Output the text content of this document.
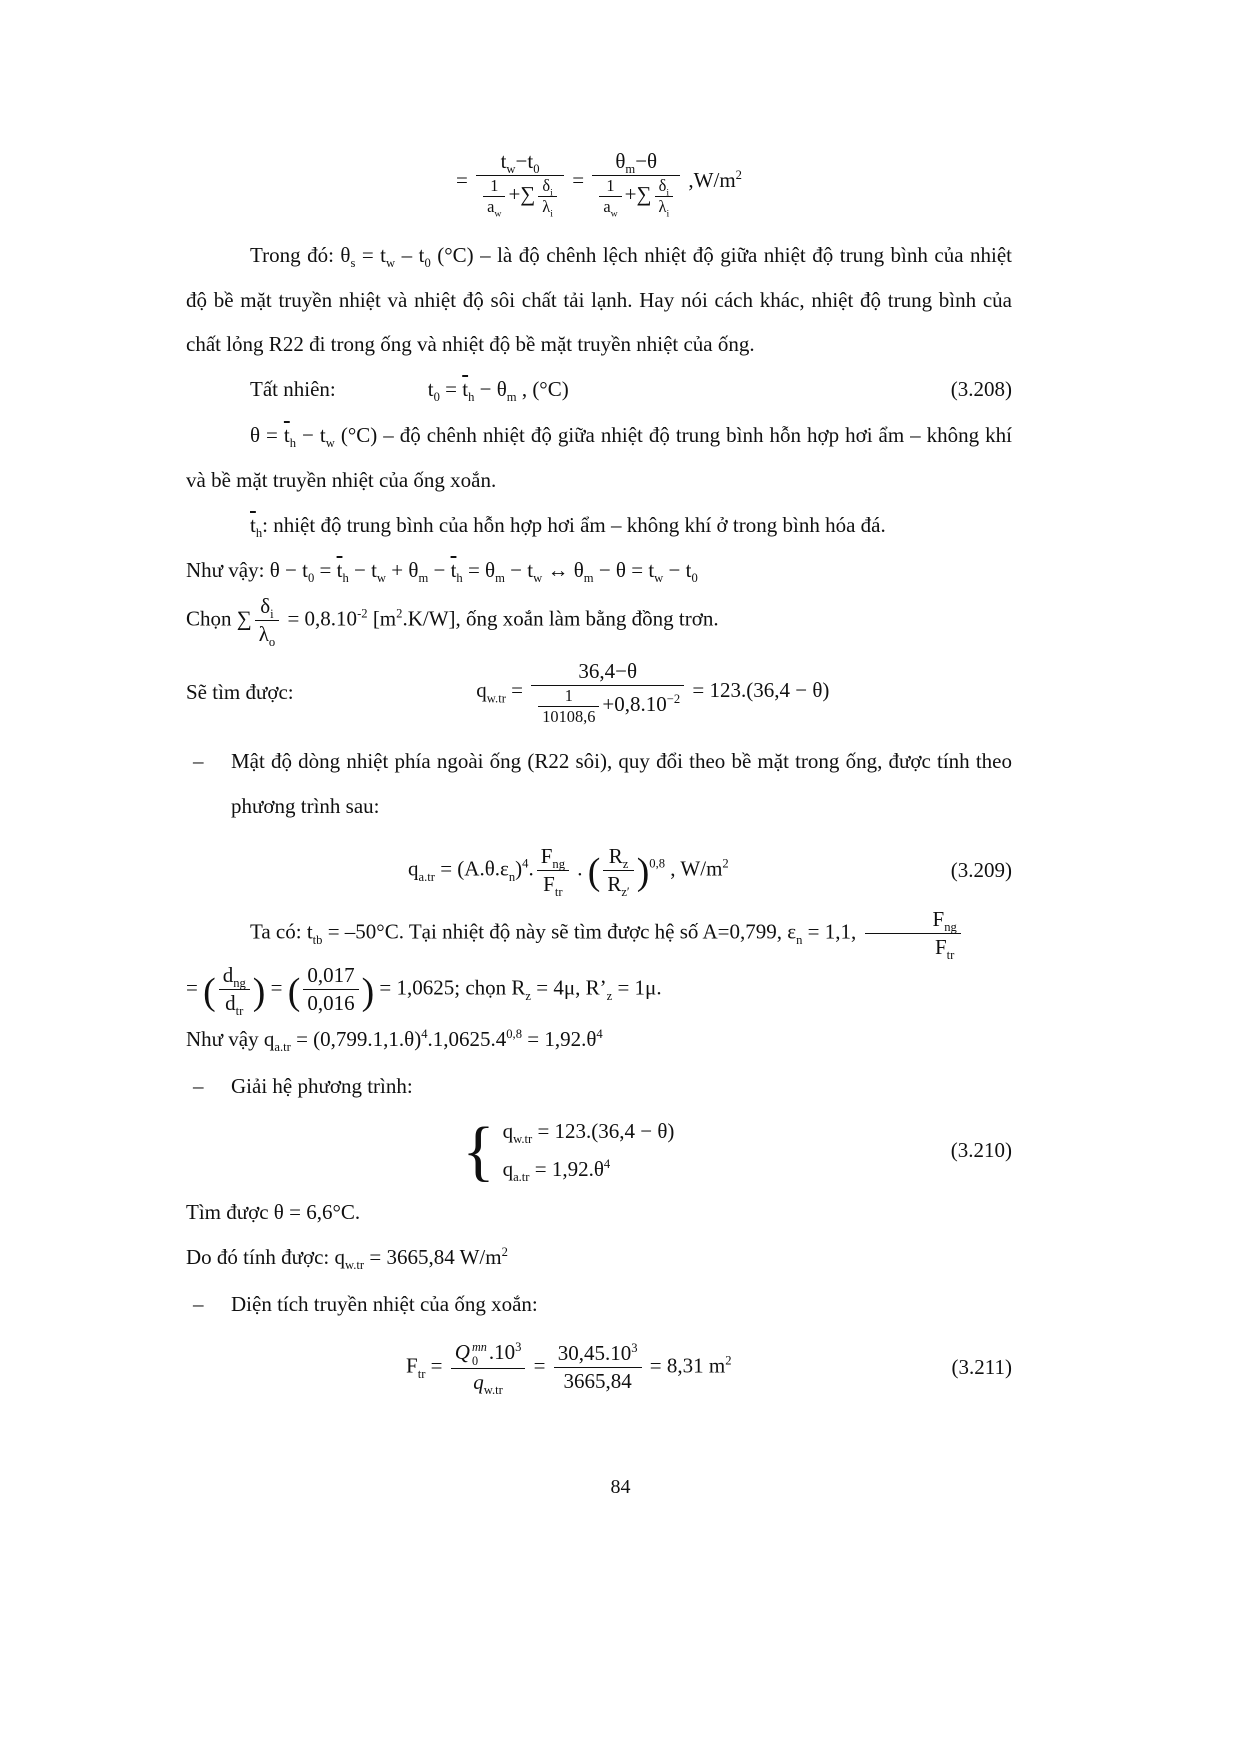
= $\frac{t_w-t_0}{\frac{1}{a_w} +\sum \frac{\delta_i}{\lambda_i}} = \frac{\theta_m-\theta}{\frac{1}{a_w} +\sum \frac{\delta_i}{\lambda_i}} ,W/m^2$

Trong đó: $\theta_s = t_w - t_0$ (°C) – là độ chênh lệch nhiệt độ giữa nhiệt độ trung bình của nhiệt độ bề mặt truyền nhiệt và nhiệt độ sôi chất tải lạnh. Hay nói cách khác, nhiệt độ trung bình của chất lỏng R22 đi trong ống và nhiệt độ bề mặt truyền nhiệt của ống.

Tất nhiên:	$t_0 = \overline{t}_h - \theta_m$ , (°C)	(3.208)

$\theta = \overline{t}_h - t_w$ (°C) – độ chênh nhiệt độ giữa nhiệt độ trung bình hỗn hợp hơi ẩm – không khí và bề mặt truyền nhiệt của ống xoắn.

$\overline{t}_h$: nhiệt độ trung bình của hỗn hợp hơi ẩm – không khí ở trong bình hóa đá.

Như vậy: $\theta - t_0 = \overline{t}_h - t_w + \theta_m - \overline{t}_h = \theta_m - t_w$ ↔ $\theta_m - \theta = t_w - t_0$

Chọn ∑ $\frac{\delta_i}{\lambda_o} = 0,8.10^{-2}$ $[m^2.K/W]$, ống xoắn làm bằng đồng trơn.

Sẽ tìm được:	$q_{w.tr} = \frac{36,4-\theta}{\frac{1}{10108,6} +0,8.10^{-2}} = 123.(36,4 - \theta)$
–	Mật độ dòng nhiệt phía ngoài ống (R22 sôi), quy đổi theo bề mặt trong ống, được tính theo phương trình sau:
$q_{a.tr} = (A.\theta.\varepsilon_n)^4$. $\frac{F_{ng}}{F_{tr}}$ . ( $\frac{R_z}{R_{z'}} )^{0,8}$ , $W/m^2$	(3.209)

Ta có: $t_{tb} = -50^\circ C$. Tại nhiệt độ này sẽ tìm được hệ số A=0,799, $\varepsilon_n = 1,1$, $\frac{F_{ng}}{F_{tr}}$

= ( $\frac{d_{ng}}{d_{tr}}$ ) = ( $\frac{0,017}{0,016}$ ) = 1,0625; chọn $R_z = 4\mu$, $R’_z = 1\mu$.

Như vậy $q_{a.tr} = (0,799.1,1.\theta)^4.1,0625.4^{0,8} = 1,92.\theta^4$

–	Giải hệ phương trình:
{ $q_{w.tr} = 123.(36,4 - \theta)$
$q_{a.tr} = 1,92.\theta^4$
(3.210)

Tìm được θ = 6,6°C.

Do đó tính được: $q_{w.tr} = 3665,84$ $W/m^2$

–	Diện tích truyền nhiệt của ống xoắn:
$F_{tr} = Q$ mn
0 $.10^3$
$q_{w.tr} = \frac{30,45.10^3}{3665,84} = 8,31$ $m^2$	(3.211)
84
